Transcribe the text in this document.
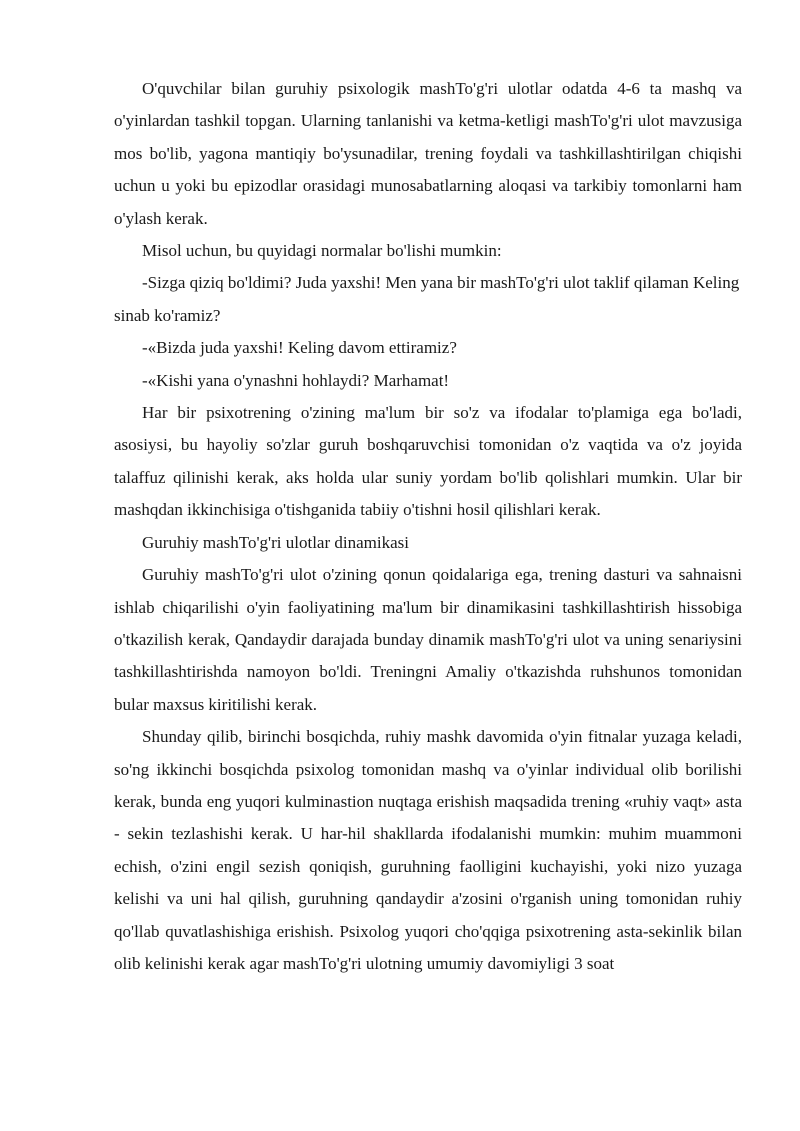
O'quvchilar bilan guruhiy psixologik mashTo'g'ri ulotlar odatda 4-6 ta mashq va o'yinlardan tashkil topgan. Ularning tanlanishi va ketma-ketligi mashTo'g'ri ulot mavzusiga mos bo'lib, yagona mantiqiy bo'ysunadilar, trening foydali va tashkillashtirilgan chiqishi uchun u yoki bu epizodlar orasidagi munosabatlarning aloqasi va tarkibiy tomonlarni ham o'ylash kerak.

Misol uchun, bu quyidagi normalar bo'lishi mumkin:

-Sizga qiziq bo'ldimi? Juda yaxshi! Men yana bir mashTo'g'ri ulot taklif qilaman Keling sinab ko'ramiz?

-«Bizda juda yaxshi! Keling davom ettiramiz?

-«Kishi yana o'ynashni hohlaydi? Marhamat!

Har bir psixotrening o'zining ma'lum bir so'z va ifodalar to'plamiga ega bo'ladi, asosiysi, bu hayoliy so'zlar guruh boshqaruvchisi tomonidan o'z vaqtida va o'z joyida talaffuz qilinishi kerak, aks holda ular suniy yordam bo'lib qolishlari mumkin. Ular bir mashqdan ikkinchisiga o'tishganida tabiiy o'tishni hosil qilishlari kerak.

Guruhiy mashTo'g'ri ulotlar dinamikasi

Guruhiy mashTo'g'ri ulot o'zining qonun qoidalariga ega, trening dasturi va sahnaisni ishlab chiqarilishi o'yin faoliyatining ma'lum bir dinamikasini tashkillashtirish hissobiga o'tkazilish kerak, Qandaydir darajada bunday dinamik mashTo'g'ri ulot va uning senariysini tashkillashtirishda namoyon bo'ldi. Treningni Amaliy o'tkazishda ruhshunos tomonidan bular maxsus kiritilishi kerak.

Shunday qilib, birinchi bosqichda, ruhiy mashk davomida o'yin fitnalar yuzaga keladi, so'ng ikkinchi bosqichda psixolog tomonidan mashq va o'yinlar individual olib borilishi kerak, bunda eng yuqori kulminastion nuqtaga erishish maqsadida trening «ruhiy vaqt» asta - sekin tezlashishi kerak. U har-hil shakllarda ifodalanishi mumkin: muhim muammoni echish, o'zini engil sezish qoniqish, guruhning faolligini kuchayishi, yoki nizo yuzaga kelishi va uni hal qilish, guruhning qandaydir a'zosini o'rganish uning tomonidan ruhiy qo'llab quvatlashishiga erishish. Psixolog yuqori cho'qqiga psixotrening asta-sekinlik bilan olib kelinishi kerak agar mashTo'g'ri ulotning umumiy davomiyligi 3 soat
